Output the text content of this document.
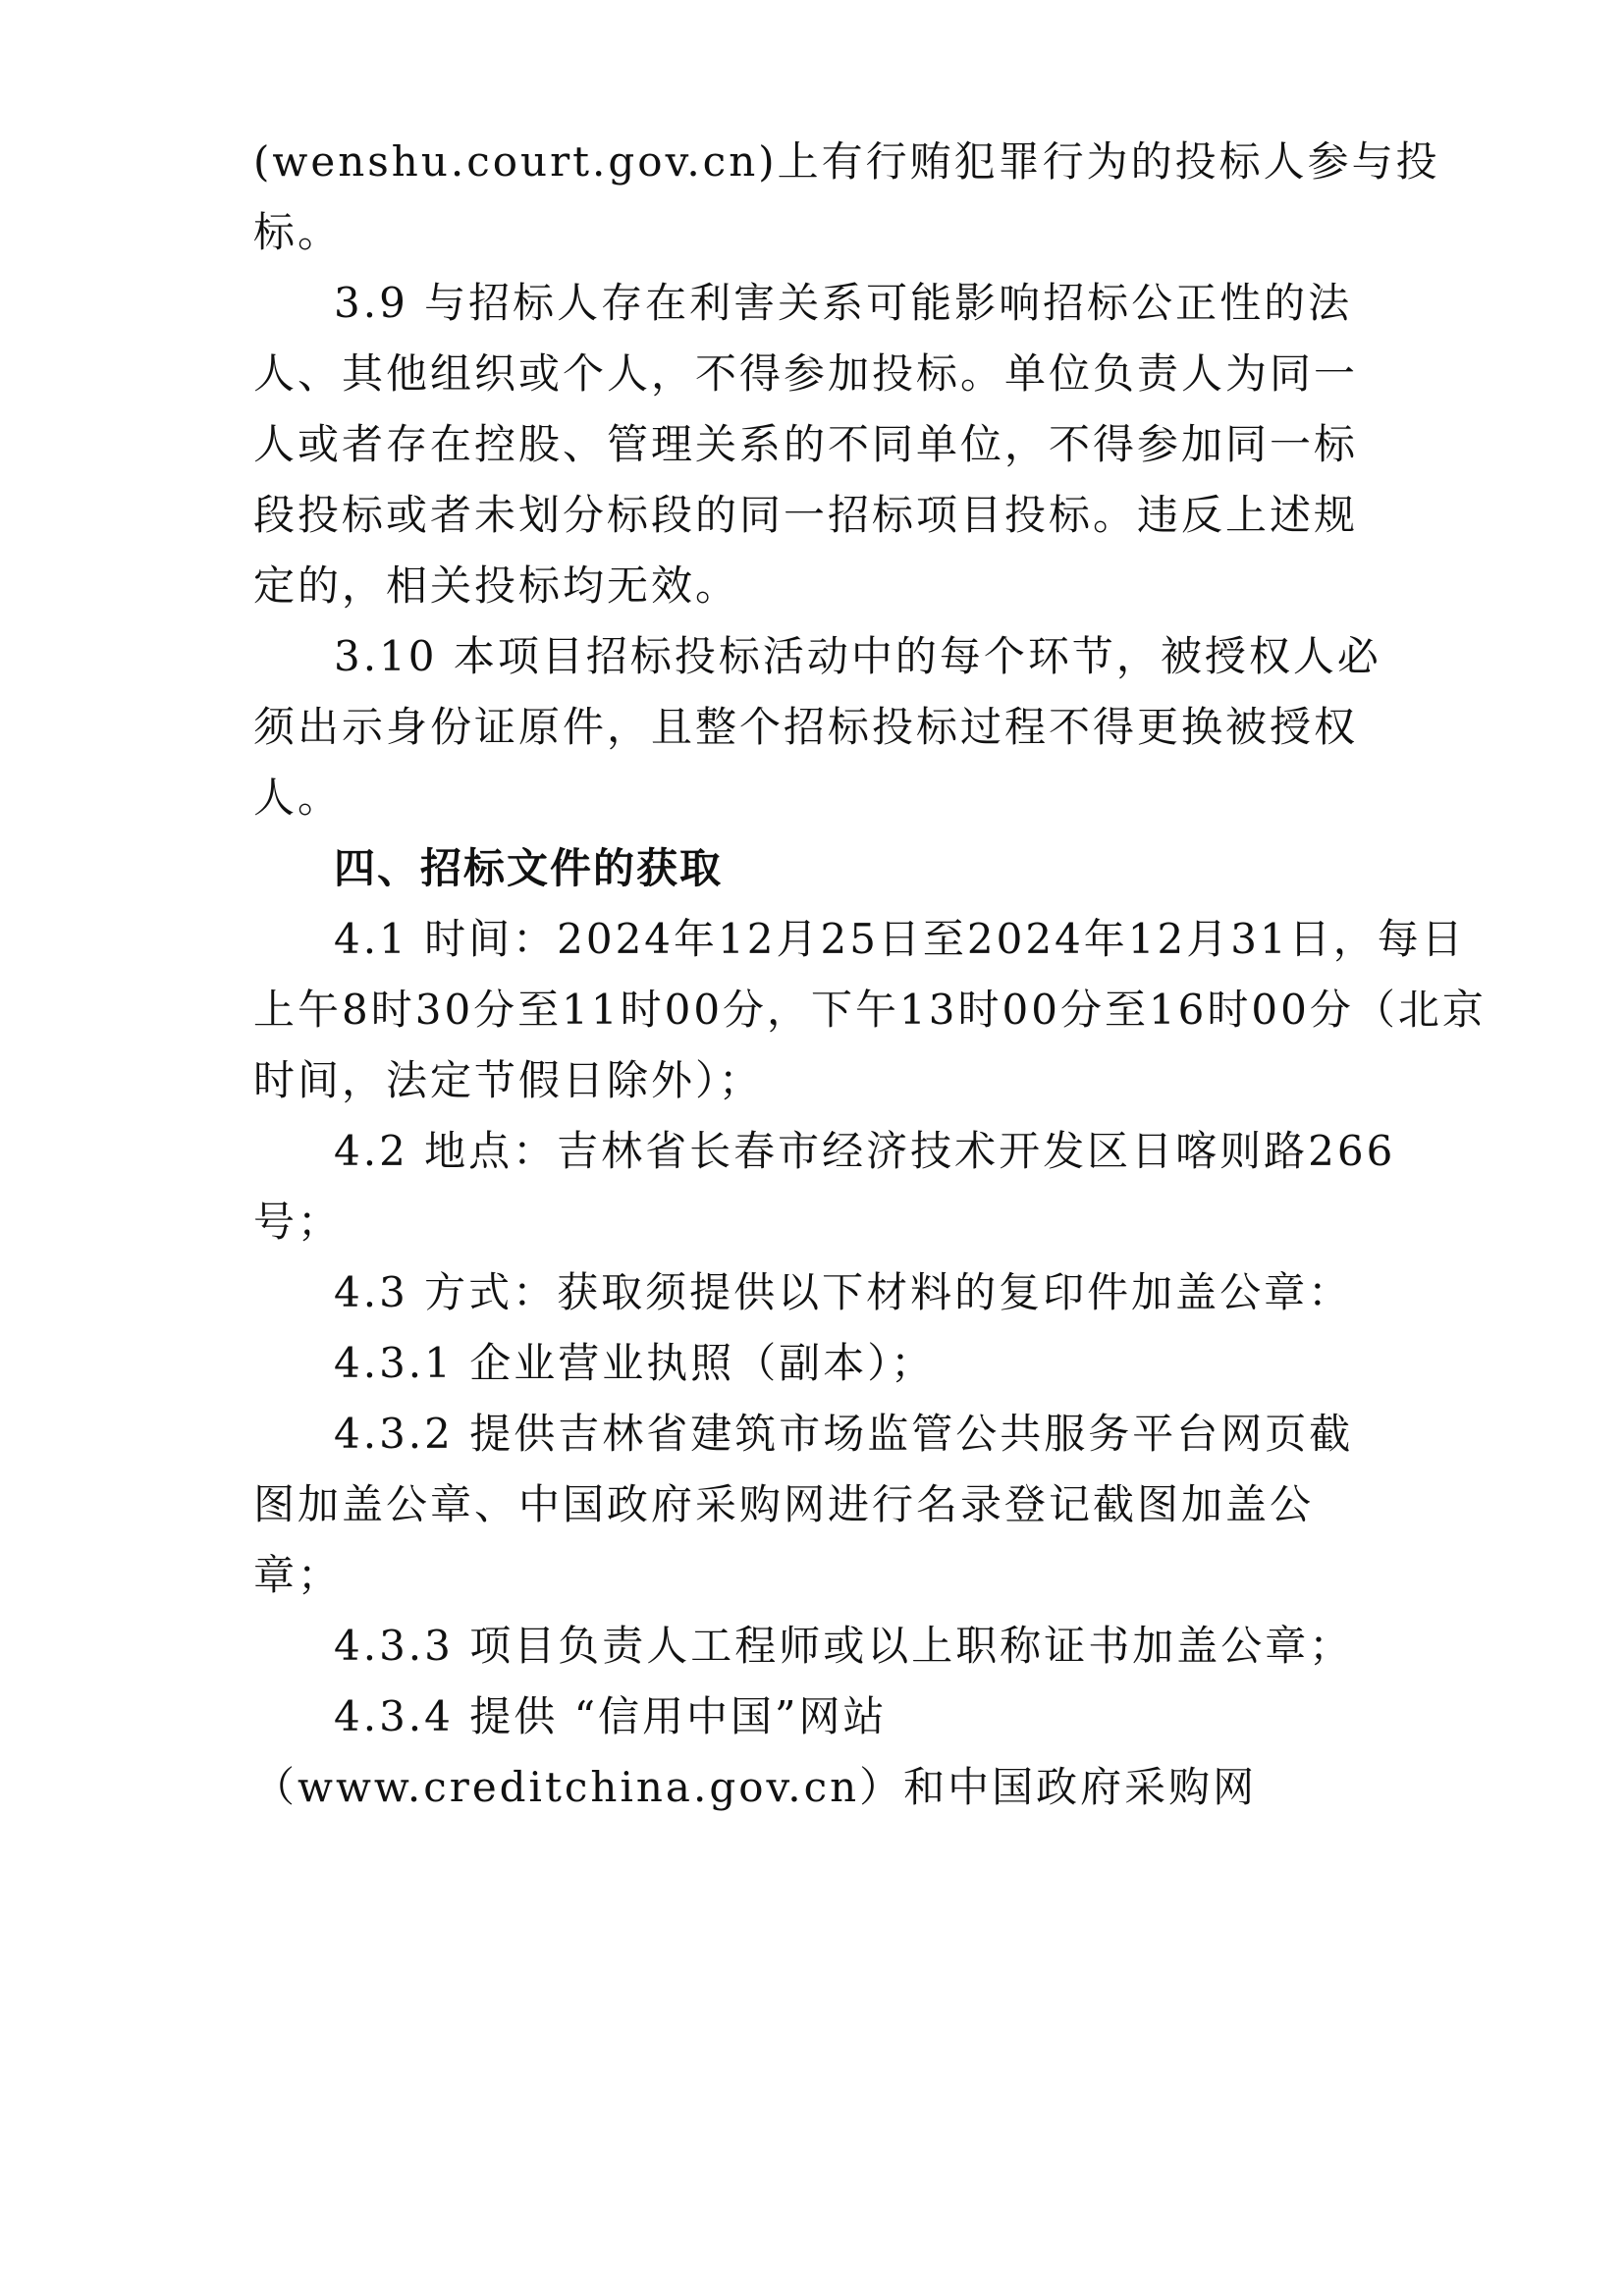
(wenshu.court.gov.cn)上有行贿犯罪行为的投标人参与投
标。
3.9 与招标人存在利害关系可能影响招标公正性的法
人、其他组织或个人，不得参加投标。单位负责人为同一
人或者存在控股、管理关系的不同单位，不得参加同一标
段投标或者未划分标段的同一招标项目投标。违反上述规
定的，相关投标均无效。
3.10 本项目招标投标活动中的每个环节，被授权人必
须出示身份证原件，且整个招标投标过程不得更换被授权
人。
四、招标文件的获取
4.1 时间：2024年12月25日至2024年12月31日，每日
上午8时30分至11时00分，下午13时00分至16时00分（北京
时间，法定节假日除外）；
4.2 地点：吉林省长春市经济技术开发区日喀则路266
号；
4.3 方式：获取须提供以下材料的复印件加盖公章：
4.3.1 企业营业执照（副本）；
4.3.2 提供吉林省建筑市场监管公共服务平台网页截
图加盖公章、中国政府采购网进行名录登记截图加盖公
章；
4.3.3 项目负责人工程师或以上职称证书加盖公章；
4.3.4 提供 “信用中国”网站
（www.creditchina.gov.cn）和中国政府采购网
